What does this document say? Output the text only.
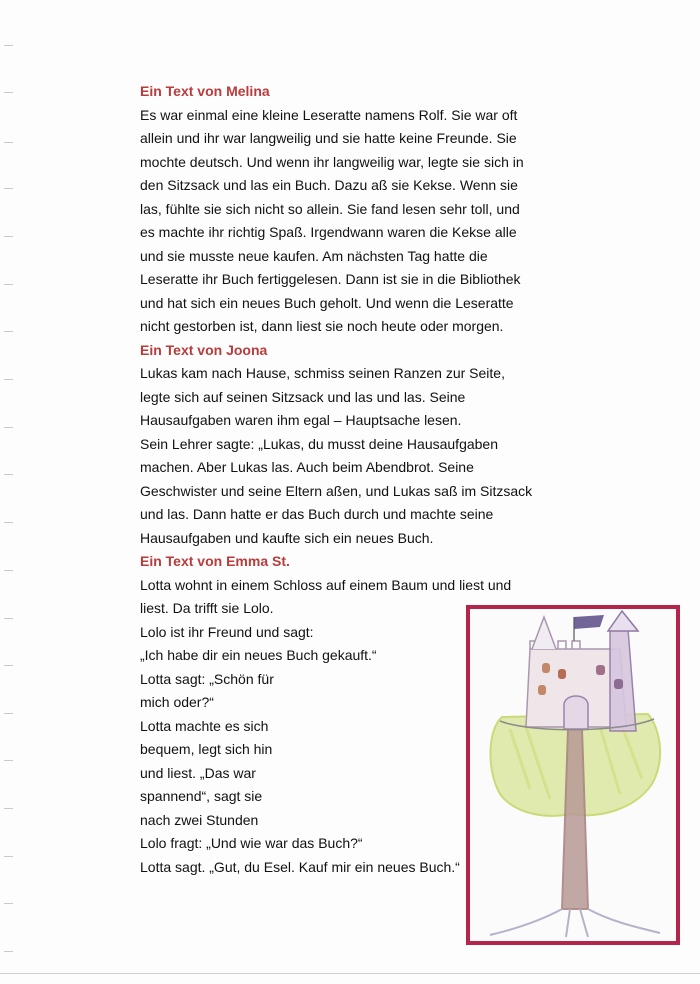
Ein Text von Melina

Es war einmal eine kleine Leseratte namens Rolf. Sie war oft
allein und ihr war langweilig und sie hatte keine Freunde. Sie
mochte deutsch. Und wenn ihr langweilig war, legte sie sich in
den Sitzsack und las ein Buch. Dazu aß sie Kekse. Wenn sie
las, fühlte sie sich nicht so allein. Sie fand lesen sehr toll, und
es machte ihr richtig Spaß. Irgendwann waren die Kekse alle
und sie musste neue kaufen. Am nächsten Tag hatte die
Leseratte ihr Buch fertiggelesen. Dann ist sie in die Bibliothek
und hat sich ein neues Buch geholt. Und wenn die Leseratte
nicht gestorben ist, dann liest sie noch heute oder morgen.

Ein Text von Joona

Lukas kam nach Hause, schmiss seinen Ranzen zur Seite,
legte sich auf seinen Sitzsack und las und las. Seine
Hausaufgaben waren ihm egal – Hauptsache lesen.
Sein Lehrer sagte: „Lukas, du musst deine Hausaufgaben
machen. Aber Lukas las. Auch beim Abendbrot. Seine
Geschwister und seine Eltern aßen, und Lukas saß im Sitzsack
und las. Dann hatte er das Buch durch und machte seine
Hausaufgaben und kaufte sich ein neues Buch.

Ein Text von Emma St.

Lotta wohnt in einem Schloss auf einem Baum und liest und
liest. Da trifft sie Lolo.
Lolo ist ihr Freund und sagt:
„Ich habe dir ein neues Buch gekauft.“
Lotta sagt: „Schön für
mich oder?“
Lotta machte es sich
bequem, legt sich hin
und liest. „Das war
spannend“, sagt sie
nach zwei Stunden
Lolo fragt: „Und wie war das Buch?“
Lotta sagt. „Gut, du Esel. Kauf mir ein neues Buch.“
